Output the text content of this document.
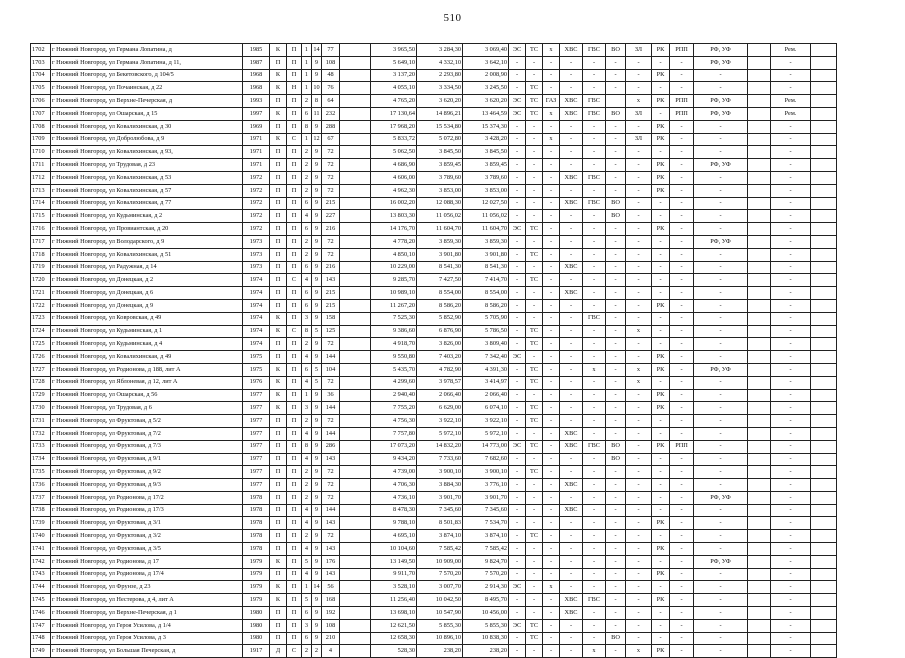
510
1702	г Нижний Новгород, ул Германа Лопатина, д	1985	К	П	1	14	77		3 965,50	3 284,30	3 069,40	ЭС	ТС	х	ХВС	ГВС	ВО	ЗЛ	РК	РПП	РФ, УФ		Рем.	
1703	г Нижний Новгород, ул Германа Лопатина, д 11,	1987	П	П	1	9	108		5 649,10	4 332,10	3 642,10	-	-	-	-	-	-	-	-	-	РФ, УФ		-	
1704	г Нижний Новгород, ул Бекетовского, д 104/5	1968	К	П	1	9	48		3 137,20	2 293,80	2 008,90	-	-	-	-	-	-	-	РК	-	-		-	
1705	г Нижний Новгород, ул Почаинская, д 22	1968	К	Н	1	10	76		4 055,10	3 334,50	3 245,50	-	ТС	-	-	-	-	-	-	-	-		-	
1706	г Нижний Новгород, ул Верхне-Печерская, д	1993	П	П	2	8	64		4 765,20	3 620,20	3 620,20	ЭС	ТС	ГАЗ	ХВС	ГВС		х	РК	РПП	РФ, УФ		Рем.	
1707	г Нижний Новгород, ул Ошарская, д 15	1997	К	П	6	11	232		17 130,64	14 896,21	13 464,59	ЭС	ТС	х	ХВС	ГВС	ВО	ЗЛ	-	РПП	РФ, УФ		Рем.	
1708	г Нижний Новгород, ул Ковалихинская, д 30	1969	П	П	8	9	288		17 968,20	15 534,80	15 374,30	-	-	-	-	-	-	-	РК	-	-		-	
1709	г Нижний Новгород, ул Добролюбова, д 9	1971	К	С	1	12	67		5 833,72	5 072,80	3 428,20	-	-	х	-	-	-	ЗЛ	РК	-	-		-	
1710	г Нижний Новгород, ул Ковалихинская, д 93,	1971	П	П	2	9	72		5 062,50	3 845,50	3 845,50	-	-	-	-	-	-	-	-	-	-		-	
1711	г Нижний Новгород, ул Трудовая, д 23	1971	П	П	2	9	72		4 686,90	3 859,45	3 859,45	-	-	-	-	-	-	-	РК	-	РФ, УФ		-	
1712	г Нижний Новгород, ул Ковалихинская, д 53	1972	П	П	2	9	72		4 606,00	3 789,60	3 789,60	-	-	-	ХВС	ГВС	-	-	РК	-	-		-	
1713	г Нижний Новгород, ул Ковалихинская, д 57	1972	П	П	2	9	72		4 962,30	3 853,00	3 853,00	-	-	-	-	-	-	-	РК	-	-		-	
1714	г Нижний Новгород, ул Ковалихинская, д 77	1972	П	П	6	9	215		16 002,20	12 088,30	12 027,50	-	-	-	ХВС	ГВС	ВО	-	-	-	-		-	
1715	г Нижний Новгород, ул Кудьминская, д 2	1972	П	П	4	9	227		13 803,30	11 056,02	11 056,02	-	-	-	-	-	ВО	-	-	-	-		-	
1716	г Нижний Новгород, ул Провиантская, д 20	1972	П	П	6	9	216		14 176,70	11 604,70	11 604,70	ЭС	ТС	-	-	-	-	-	РК	-	-		-	
1717	г Нижний Новгород, ул Володарского, д 9	1973	П	П	2	9	72		4 778,20	3 859,30	3 859,30	-	-	-	-	-	-	-	-	-	РФ, УФ		-	
1718	г Нижний Новгород, ул Ковалихинская, д 51	1973	П	П	2	9	72		4 850,10	3 901,80	3 901,80	-	ТС	-	-	-	-	-	-	-	-		-	
1719	г Нижний Новгород, ул Радужная, д 14	1973	П	П	6	9	216		10 229,00	8 541,30	8 541,30	-	-	-	ХВС	-	-	-	-	-	-		-	
1720	г Нижний Новгород, ул Донецкая, д 2	1974	П	С	4	9	143		9 285,70	7 427,50	7 414,70	-	ТС	-	-	-	-	-	-	-	-		-	
1721	г Нижний Новгород, ул Донецкая, д 6	1974	П	П	6	9	215		10 989,10	8 554,00	8 554,00	-	-	-	ХВС	-	-	-	-	-	-		-	
1722	г Нижний Новгород, ул Донецкая, д 9	1974	П	П	6	9	215		11 267,20	8 586,20	8 586,20	-	-	-	-	-	-	-	РК	-	-		-	
1723	г Нижний Новгород, ул Ковровская, д 49	1974	К	П	3	9	158		7 525,30	5 852,90	5 705,90	-	-	-	-	ГВС	-	-	-	-	-		-	
1724	г Нижний Новгород, ул Кудьминская, д 1	1974	К	С	8	5	125		9 386,60	6 876,90	5 786,50	-	ТС	-	-	-	-	х	-	-	-		-	
1725	г Нижний Новгород, ул Кудьминская, д 4	1974	П	П	2	9	72		4 918,70	3 826,00	3 809,40	-	ТС	-	-	-	-	-	-	-	-		-	
1726	г Нижний Новгород, ул Ковалихинская, д 49	1975	П	П	4	9	144		9 550,80	7 403,20	7 342,40	ЭС	-	-	-	-	-	-	РК	-	-		-	
1727	г Нижний Новгород, ул Родионова, д 188, лит А	1975	К	П	6	5	104		5 435,70	4 782,90	4 391,30	-	ТС	-	-	х	-	х	РК	-	РФ, УФ		-	
1728	г Нижний Новгород, ул Яблоневая, д 12, лит А	1976	К	П	4	5	72		4 299,60	3 978,57	3 414,97	-	ТС	-	-	-	-	х	-	-	-		-	
1729	г Нижний Новгород, ул Ошарская, д 56	1977	К	П	1	9	36		2 940,40	2 066,40	2 066,40	-	-	-	-	-	-	-	РК	-	-		-	
1730	г Нижний Новгород, ул Трудовая, д 6	1977	К	П	3	9	144		7 755,20	6 629,00	6 074,10	-	ТС	-	-	-	-	-	РК	-	-		-	
1731	г Нижний Новгород, ул Фруктовая, д 5/2	1977	П	П	2	9	72		4 756,30	3 922,10	3 922,10	-	ТС	-	-	-	-	-	-	-	-		-	
1732	г Нижний Новгород, ул Фруктовая, д 7/2	1977	П	П	4	9	144		7 757,80	5 972,10	5 972,10	-	-	-	ХВС	-	-	-	-	-	-		-	
1733	г Нижний Новгород, ул Фруктовая, д 7/3	1977	П	П	8	9	286		17 073,20	14 832,20	14 773,00	ЭС	ТС	-	ХВС	ГВС	ВО	-	РК	РПП	-		-	
1734	г Нижний Новгород, ул Фруктовая, д 9/1	1977	П	П	4	9	143		9 434,20	7 733,60	7 682,60	-	-	-	-	-	ВО	-	-	-	-		-	
1735	г Нижний Новгород, ул Фруктовая, д 9/2	1977	П	П	2	9	72		4 739,00	3 900,10	3 900,10	-	ТС	-	-	-	-	-	-	-	-		-	
1736	г Нижний Новгород, ул Фруктовая, д 9/3	1977	П	П	2	9	72		4 706,30	3 884,30	3 776,10	-	-	-	ХВС	-	-	-	-	-	-		-	
1737	г Нижний Новгород, ул Родионова, д 17/2	1978	П	П	2	9	72		4 736,10	3 901,70	3 901,70	-	-	-	-	-	-	-	-	-	РФ, УФ		-	
1738	г Нижний Новгород, ул Родионова, д 17/3	1978	П	П	4	9	144		8 478,30	7 345,60	7 345,60	-	-	-	ХВС	-	-	-	-	-	-		-	
1739	г Нижний Новгород, ул Фруктовая, д 3/1	1978	П	П	4	9	143		9 788,10	8 501,83	7 534,70	-	-	-	-	-	-	-	РК	-	-		-	
1740	г Нижний Новгород, ул Фруктовая, д 3/2	1978	П	П	2	9	72		4 695,10	3 874,10	3 874,10	-	ТС	-	-	-	-	-	-	-	-		-	
1741	г Нижний Новгород, ул Фруктовая, д 3/5	1978	П	П	4	9	143		10 104,60	7 585,42	7 585,42	-	-	-	-	-	-	-	РК	-	-		-	
1742	г Нижний Новгород, ул Родионова, д 17	1979	К	П	5	9	176		13 149,50	10 909,00	9 824,70	-	-	-	-	-	-	-	-	-	РФ, УФ		-	
1743	г Нижний Новгород, ул Родионова, д 17/4	1979	П	П	4	9	143		9 911,70	7 570,20	7 570,20	-	-	-	-	-	-	-	РК	-	-		-	
1744	г Нижний Новгород, ул Фрунзе, д 23	1979	К	П	1	14	56		3 528,10	3 007,70	2 914,30	ЭС	-	х	-	-	-	-	-	-	-		-	
1745	г Нижний Новгород, ул Нестерова, д 4, лит А	1979	К	П	5	9	168		11 256,40	10 042,50	8 495,70	-	-	-	ХВС	ГВС	-	-	РК	-	-		-	
1746	г Нижний Новгород, ул Верхне-Печерская, д 1	1980	П	П	6	9	192		13 698,10	10 547,90	10 456,00	-	-	-	ХВС	-	-	-	-	-	-		-	
1747	г Нижний Новгород, ул Героя Усилова, д 1/4	1980	П	П	3	9	108		12 621,50	5 855,30	5 855,30	ЭС	ТС	-	-	-	-	-	-	-	-		-	
1748	г Нижний Новгород, ул Героя Усилова, д 3	1980	П	П	6	9	210		12 658,30	10 896,10	10 838,30	-	ТС	-	-	-	ВО	-	-	-	-		-	
1749	г Нижний Новгород, ул Большая Печерская, д	1917	Д	С	2	2	4		528,30	238,20	238,20	-	-	-	-	х	-	х	РК	-	-		-	
